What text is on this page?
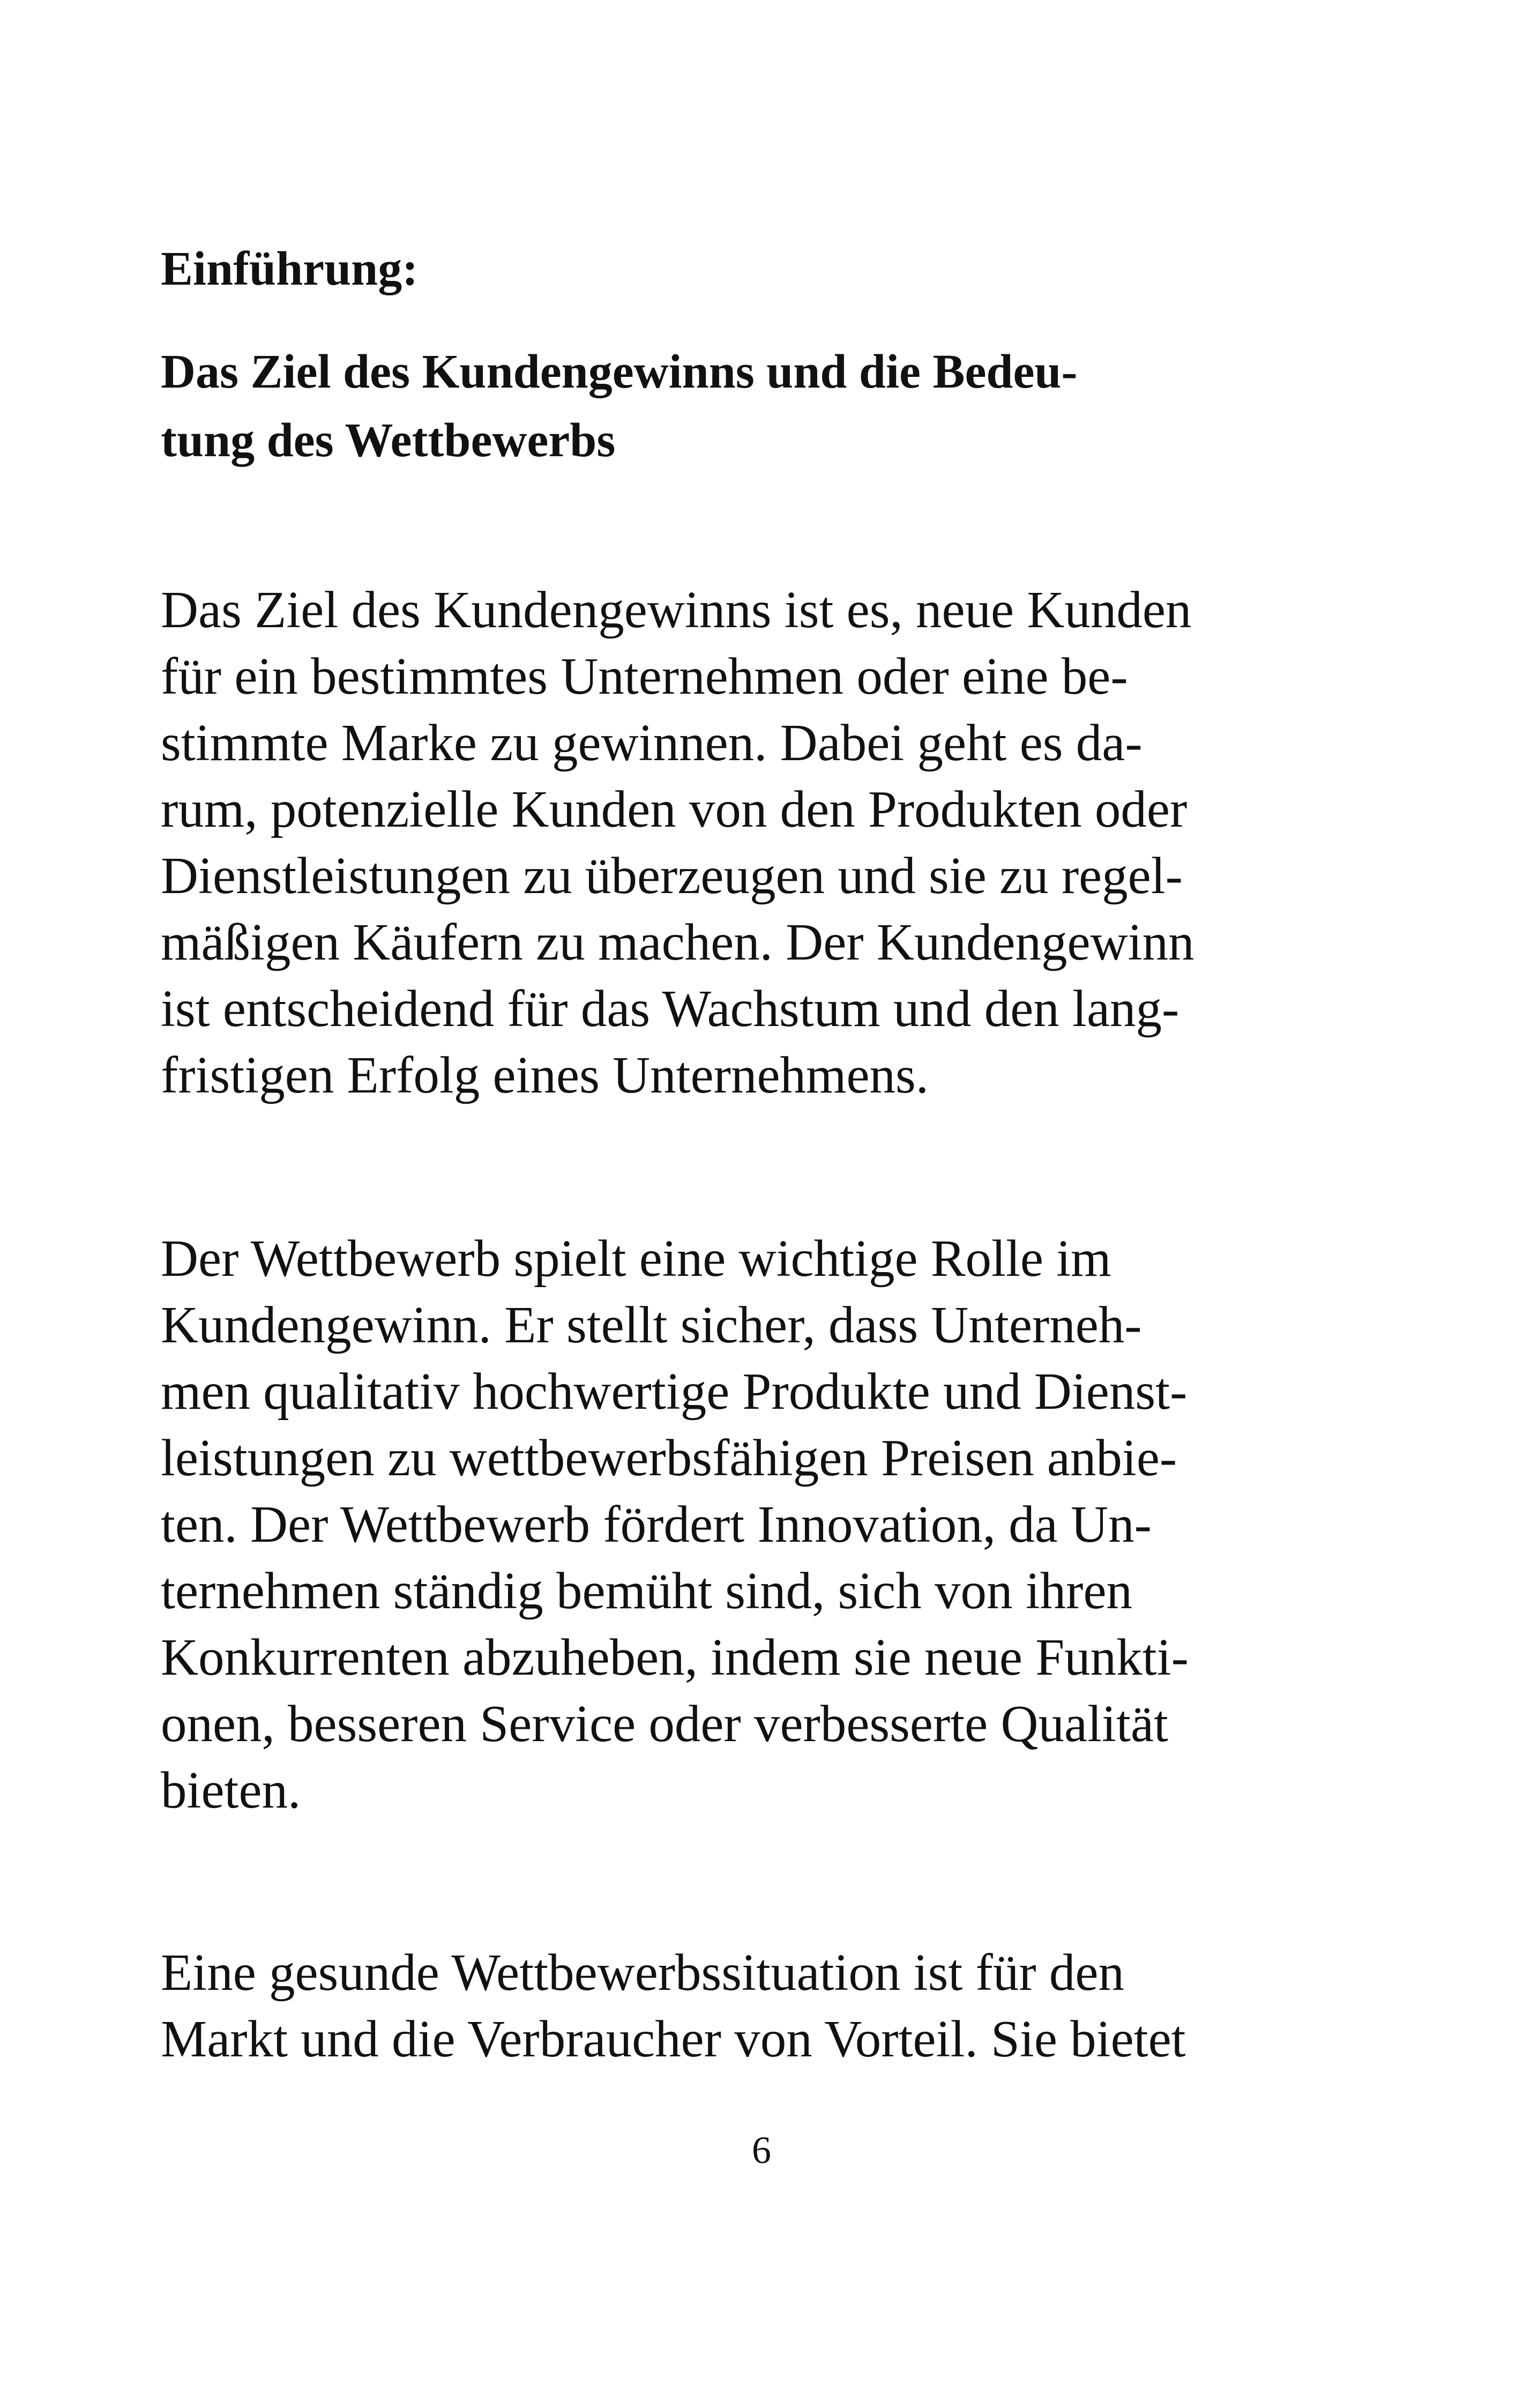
Einführung:
Das Ziel des Kundengewinns und die Bedeu-
tung des Wettbewerbs

Das Ziel des Kundengewinns ist es, neue Kunden
für ein bestimmtes Unternehmen oder eine be-
stimmte Marke zu gewinnen. Dabei geht es da-
rum, potenzielle Kunden von den Produkten oder
Dienstleistungen zu überzeugen und sie zu regel-
mäßigen Käufern zu machen. Der Kundengewinn
ist entscheidend für das Wachstum und den lang-
fristigen Erfolg eines Unternehmens.

Der Wettbewerb spielt eine wichtige Rolle im
Kundengewinn. Er stellt sicher, dass Unterneh-
men qualitativ hochwertige Produkte und Dienst-
leistungen zu wettbewerbsfähigen Preisen anbie-
ten. Der Wettbewerb fördert Innovation, da Un-
ternehmen ständig bemüht sind, sich von ihren
Konkurrenten abzuheben, indem sie neue Funkti-
onen, besseren Service oder verbesserte Qualität
bieten.

Eine gesunde Wettbewerbssituation ist für den
Markt und die Verbraucher von Vorteil. Sie bietet

6
